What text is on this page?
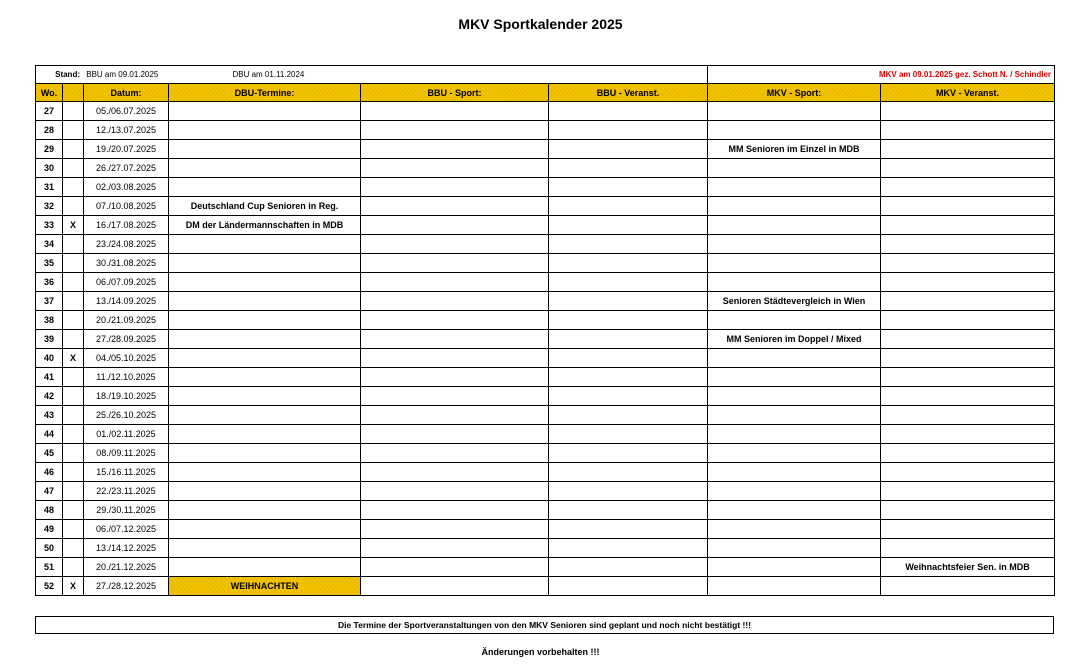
MKV Sportkalender 2025
Stand: BBU am 09.01.2025 DBU am 01.11.2024						MKV am 09.01.2025 gez. Schott N. / Schindler	
Wo.		Datum:	DBU-Termine:	BBU - Sport:	BBU - Veranst.	MKV - Sport:	MKV - Veranst.
27		05./06.07.2025					
28		12./13.07.2025					
29		19./20.07.2025				MM Senioren im Einzel in MDB	
30		26./27.07.2025					
31		02./03.08.2025					
32		07./10.08.2025	Deutschland Cup Senioren in Reg.				
33	X	16./17.08.2025	DM der Ländermannschaften in MDB				
34		23./24.08.2025					
35		30./31.08.2025					
36		06./07.09.2025					
37		13./14.09.2025				Senioren Städtevergleich in Wien	
38		20./21.09.2025					
39		27./28.09.2025				MM Senioren im Doppel / Mixed	
40	X	04./05.10.2025					
41		11./12.10.2025					
42		18./19.10.2025					
43		25./26.10.2025					
44		01./02.11.2025					
45		08./09.11.2025					
46		15./16.11.2025					
47		22./23.11.2025					
48		29./30.11.2025					
49		06./07.12.2025					
50		13./14.12.2025					
51		20./21.12.2025					Weihnachtsfeier Sen. in MDB
52	X	27./28.12.2025	WEIHNACHTEN				
Die Termine der Sportveranstaltungen von den MKV Senioren sind geplant und noch nicht bestätigt !!!
Änderungen vorbehalten !!!
